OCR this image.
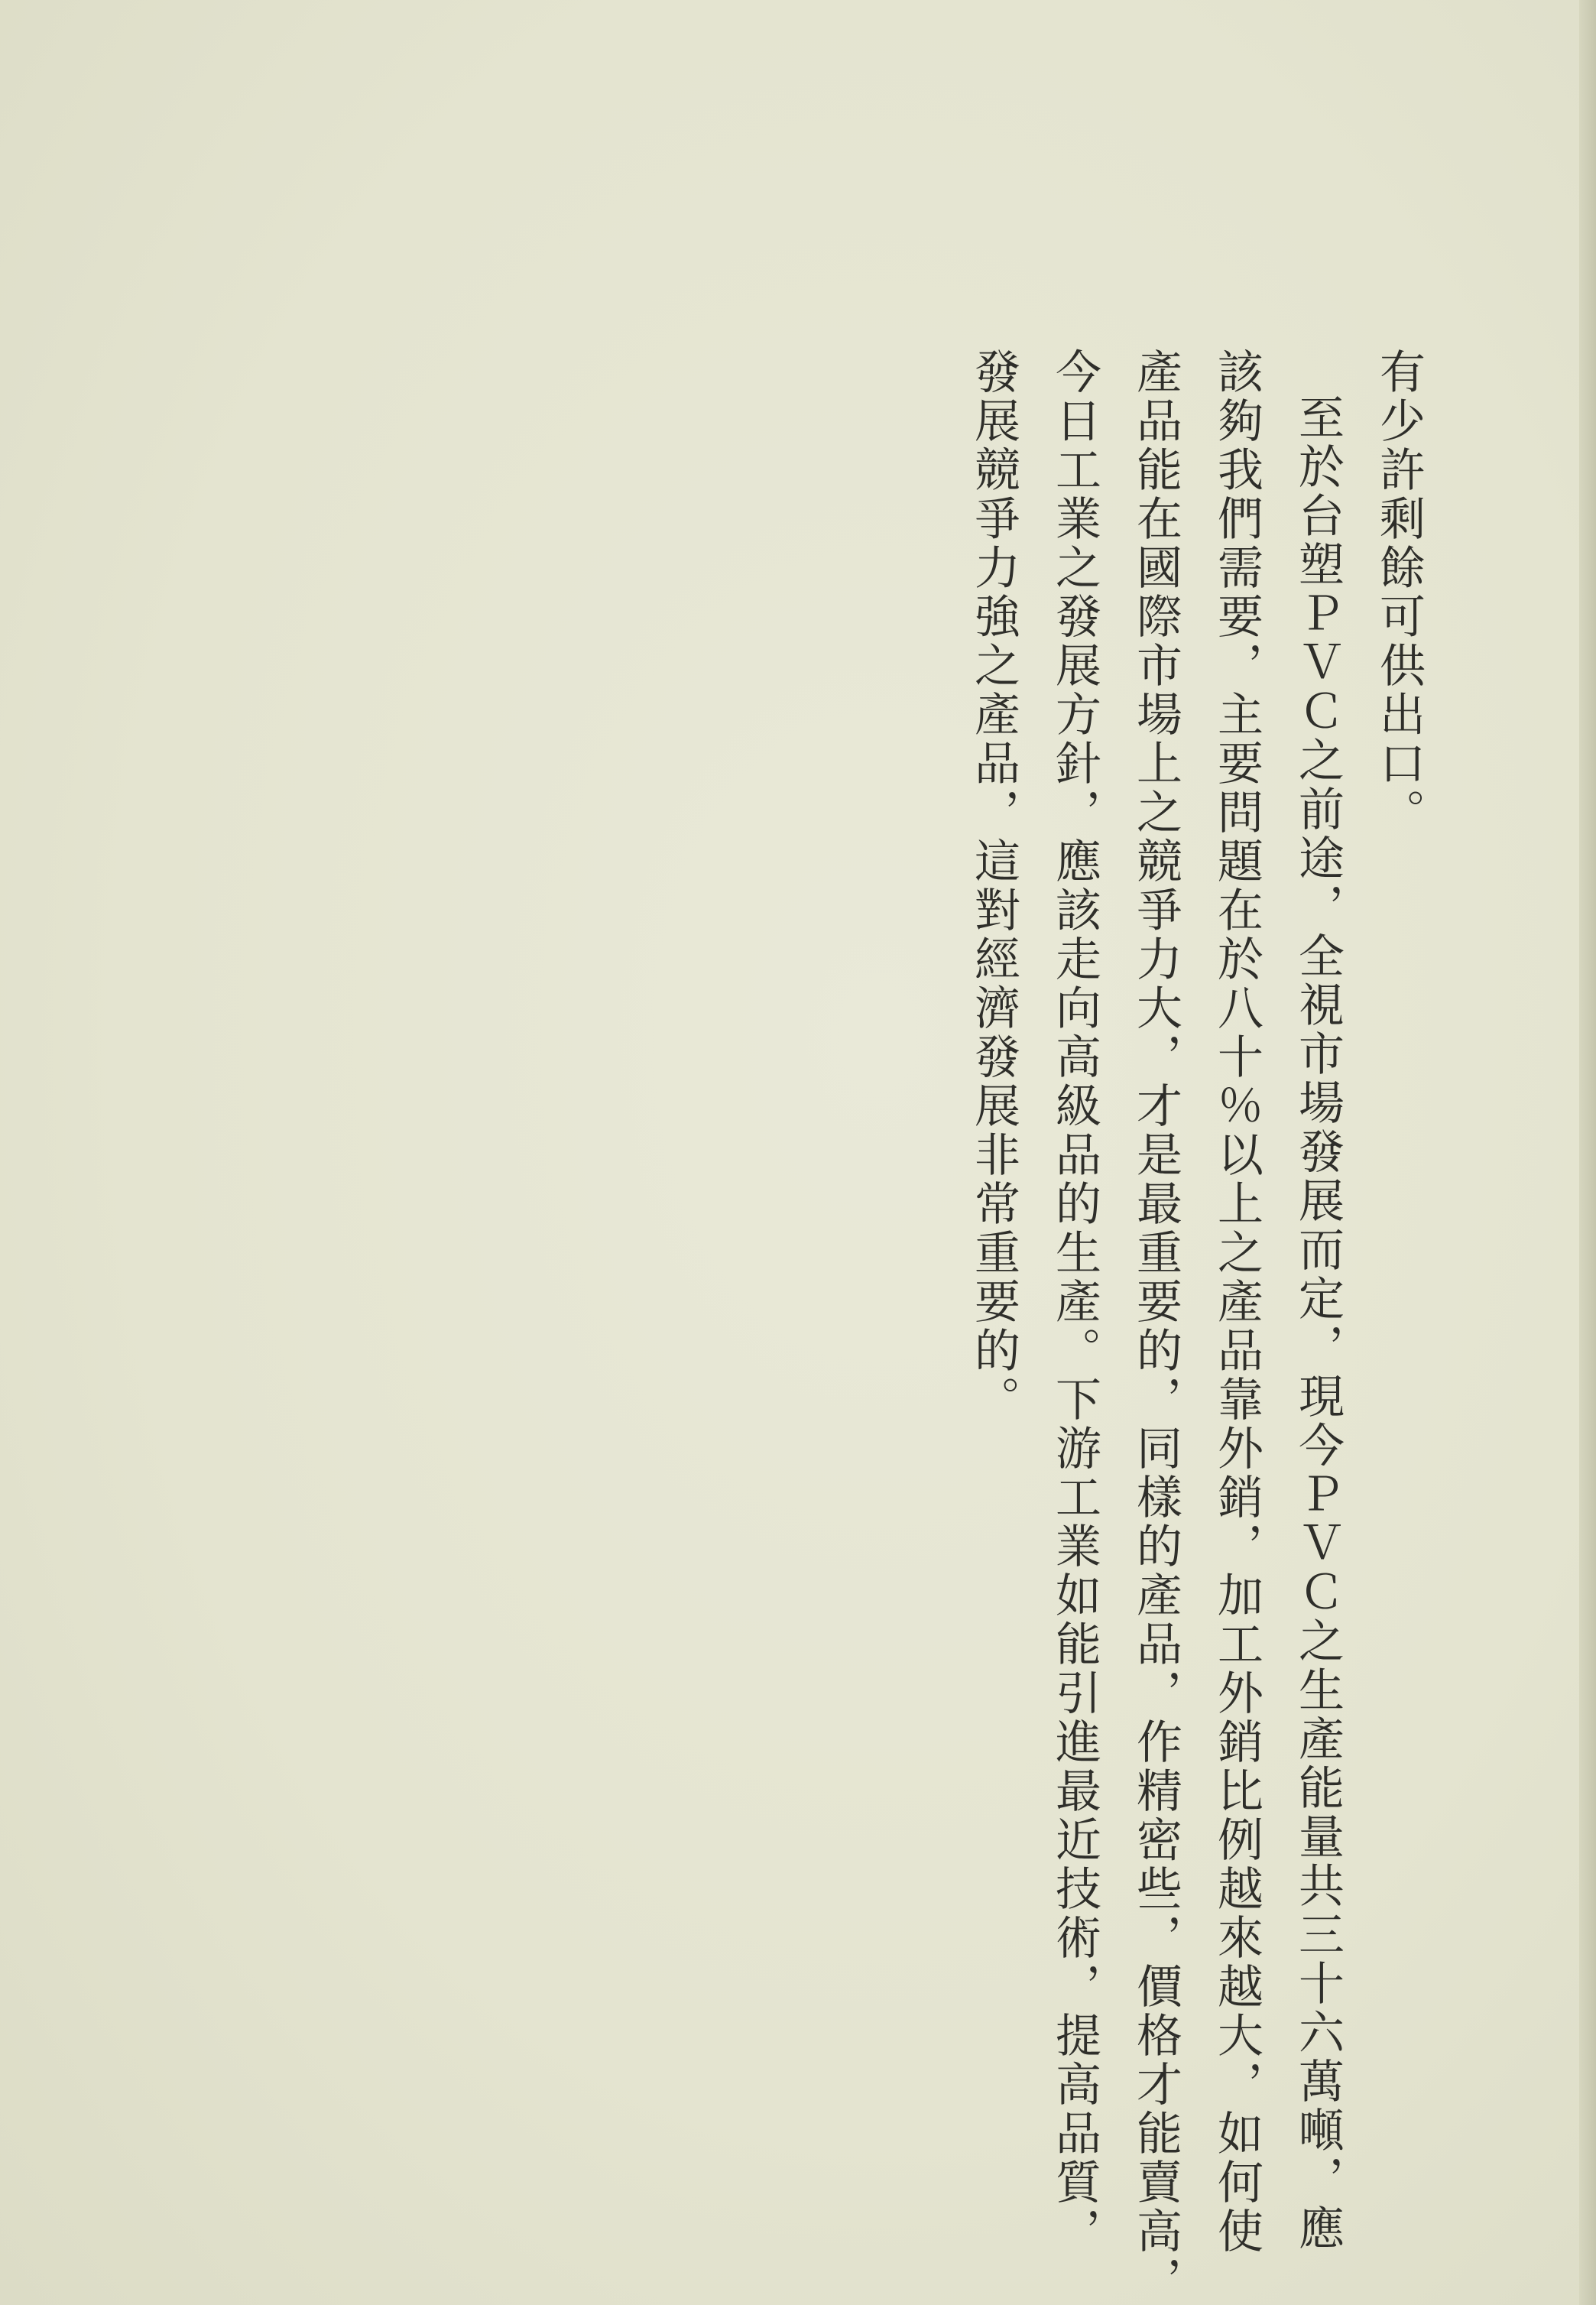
有少許剩餘可供出口。
至於台塑ＰＶＣ之前途，全視市場發展而定，現今ＰＶＣ之生產能量共三十六萬噸，應
該夠我們需要，主要問題在於八十％以上之產品靠外銷，加工外銷比例越來越大，如何使
產品能在國際市場上之競爭力大，才是最重要的，同樣的產品，作精密些，價格才能賣高，
今日工業之發展方針，應該走向高級品的生產。下游工業如能引進最近技術，提高品質，
發展競爭力強之產品，這對經濟發展非常重要的。
